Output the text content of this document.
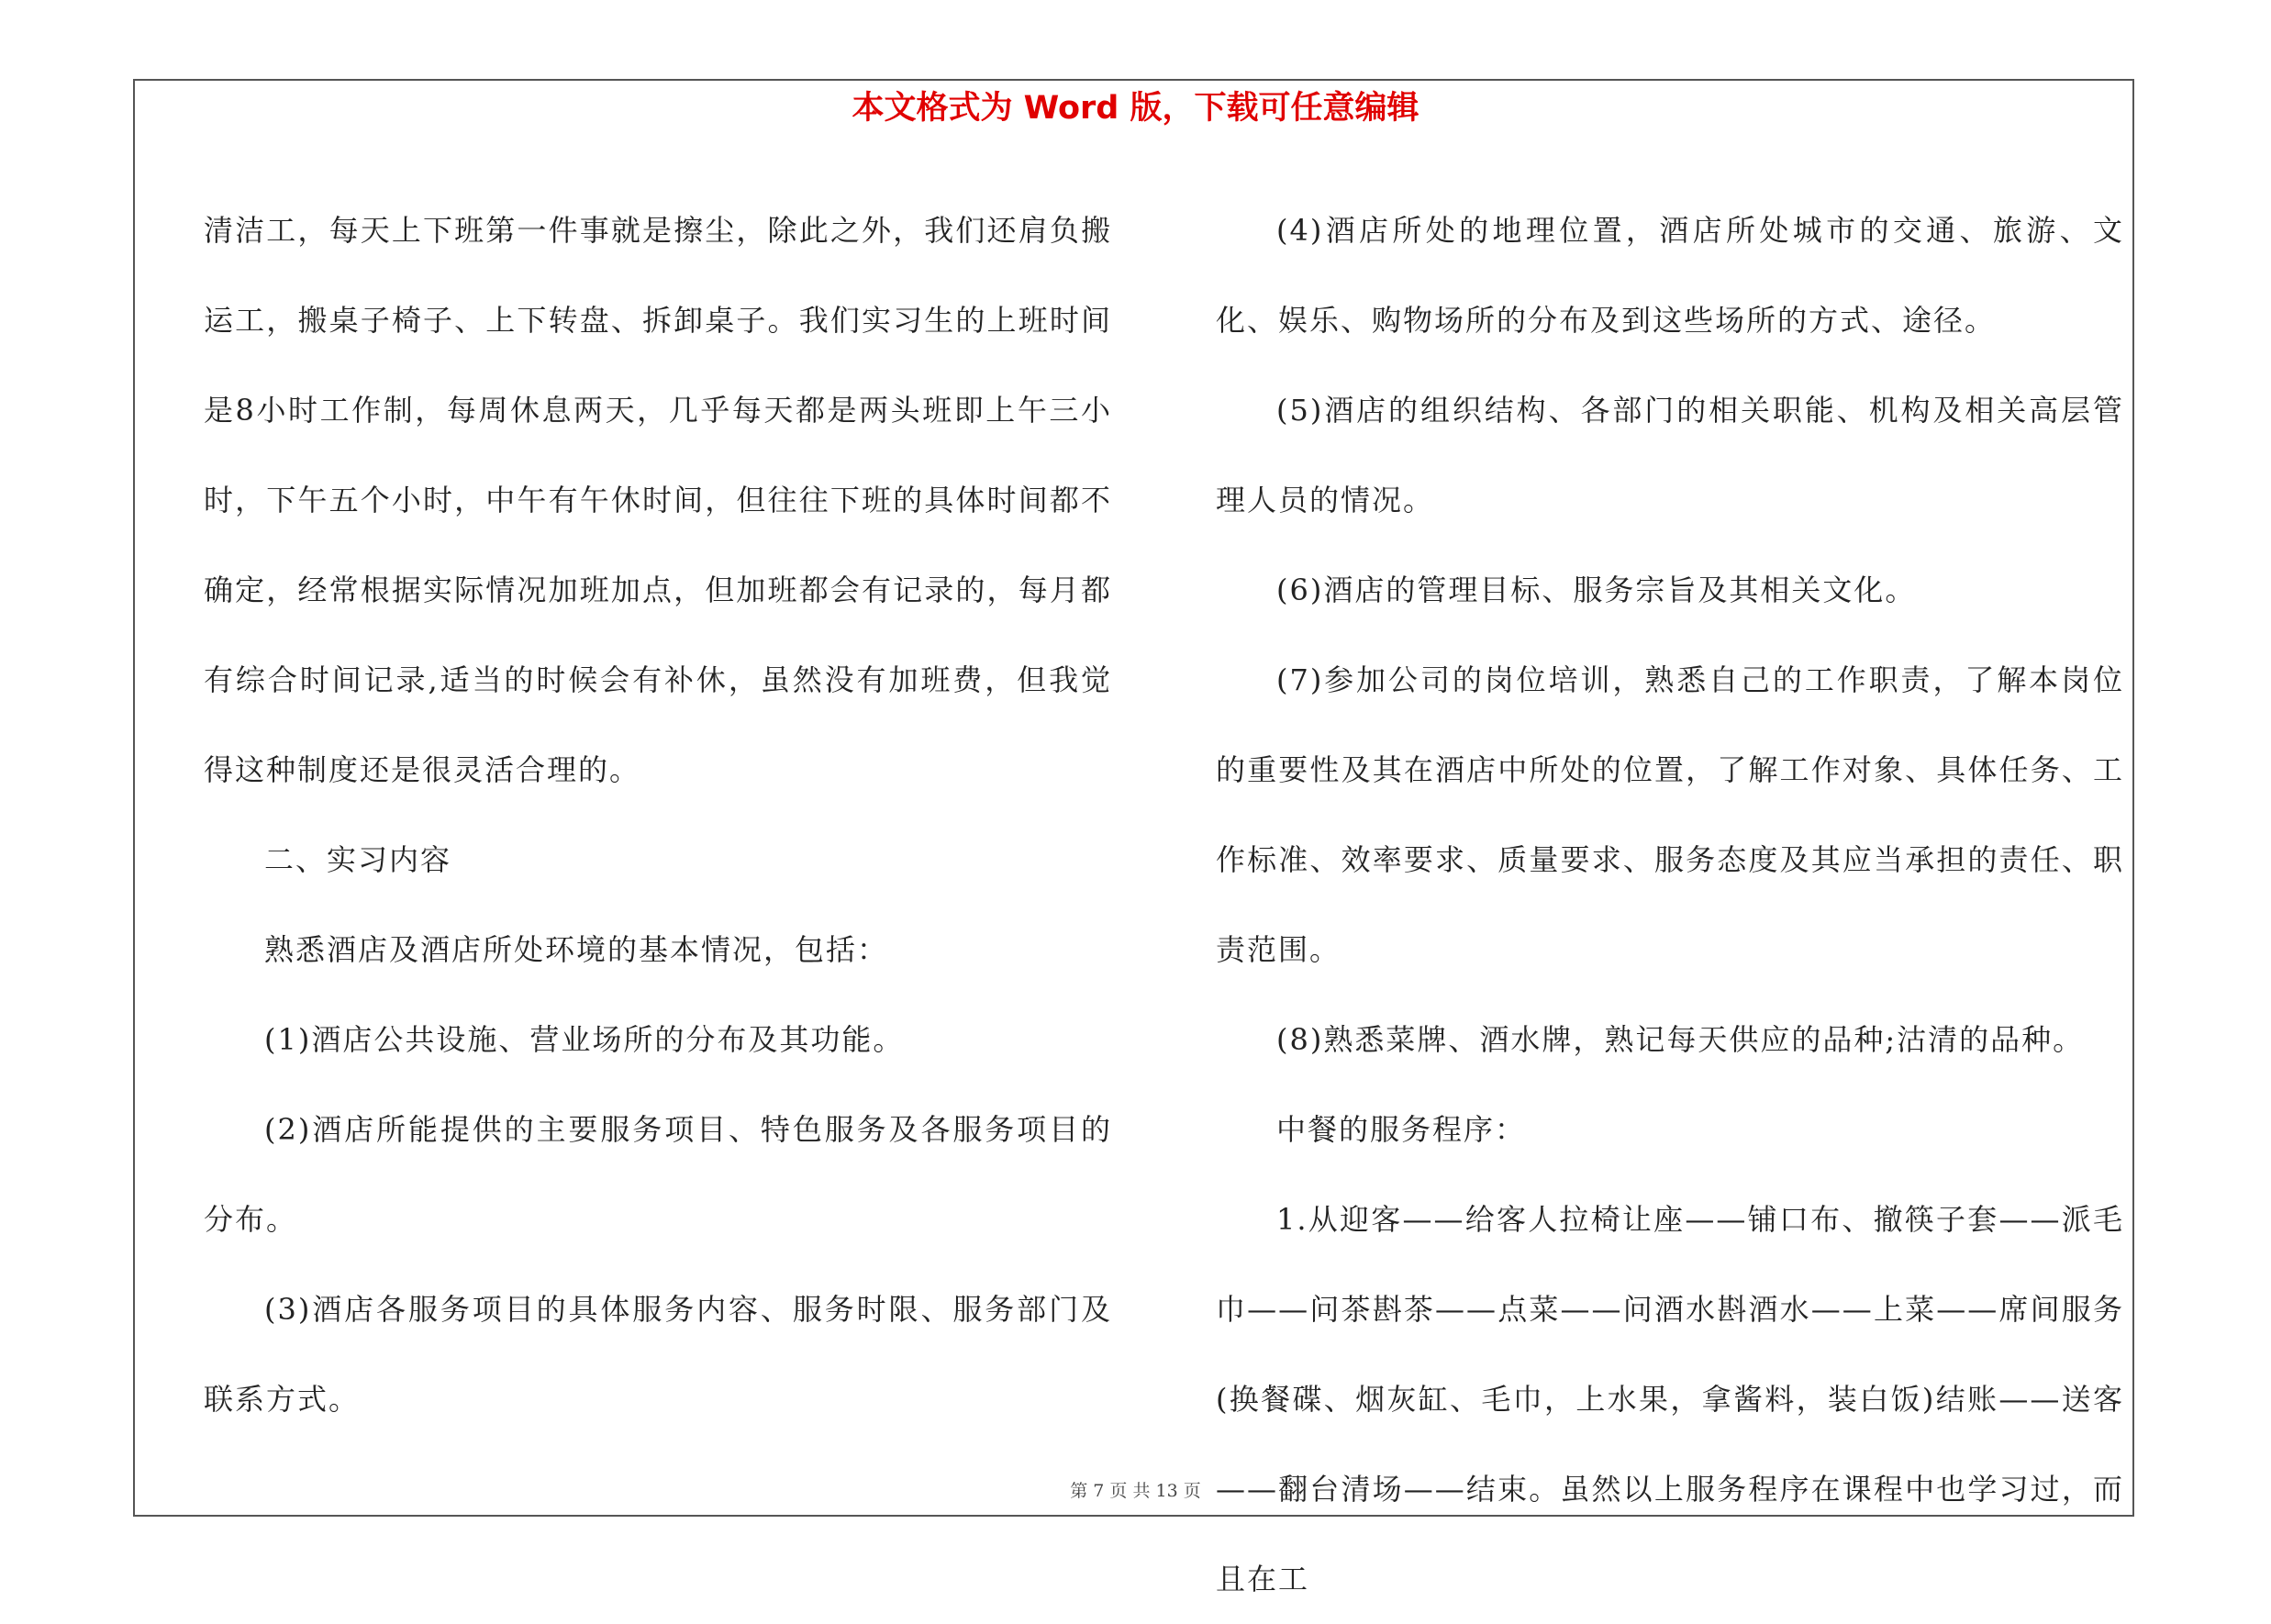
本文格式为 Word 版，下载可任意编辑

清洁工，每天上下班第一件事就是擦尘，除此之外，我们还肩负搬运工，搬桌子椅子、上下转盘、拆卸桌子。我们实习生的上班时间是8小时工作制，每周休息两天，几乎每天都是两头班即上午三小时，下午五个小时，中午有午休时间，但往往下班的具体时间都不确定，经常根据实际情况加班加点，但加班都会有记录的，每月都有综合时间记录,适当的时候会有补休，虽然没有加班费，但我觉得这种制度还是很灵活合理的。

二、实习内容

熟悉酒店及酒店所处环境的基本情况，包括：

(1)酒店公共设施、营业场所的分布及其功能。

(2)酒店所能提供的主要服务项目、特色服务及各服务项目的分布。

(3)酒店各服务项目的具体服务内容、服务时限、服务部门及联系方式。

(4)酒店所处的地理位置，酒店所处城市的交通、旅游、文化、娱乐、购物场所的分布及到这些场所的方式、途径。

(5)酒店的组织结构、各部门的相关职能、机构及相关高层管理人员的情况。

(6)酒店的管理目标、服务宗旨及其相关文化。

(7)参加公司的岗位培训，熟悉自己的工作职责，了解本岗位的重要性及其在酒店中所处的位置，了解工作对象、具体任务、工作标准、效率要求、质量要求、服务态度及其应当承担的责任、职责范围。

(8)熟悉菜牌、酒水牌，熟记每天供应的品种;沽清的品种。

中餐的服务程序：

1.从迎客——给客人拉椅让座——铺口布、撤筷子套——派毛巾——问茶斟茶——点菜——问酒水斟酒水——上菜——席间服务(换餐碟、烟灰缸、毛巾，上水果，拿酱料，装白饭)结账——送客——翻台清场——结束。虽然以上服务程序在课程中也学习过，而且在工

第 7 页 共 13 页
